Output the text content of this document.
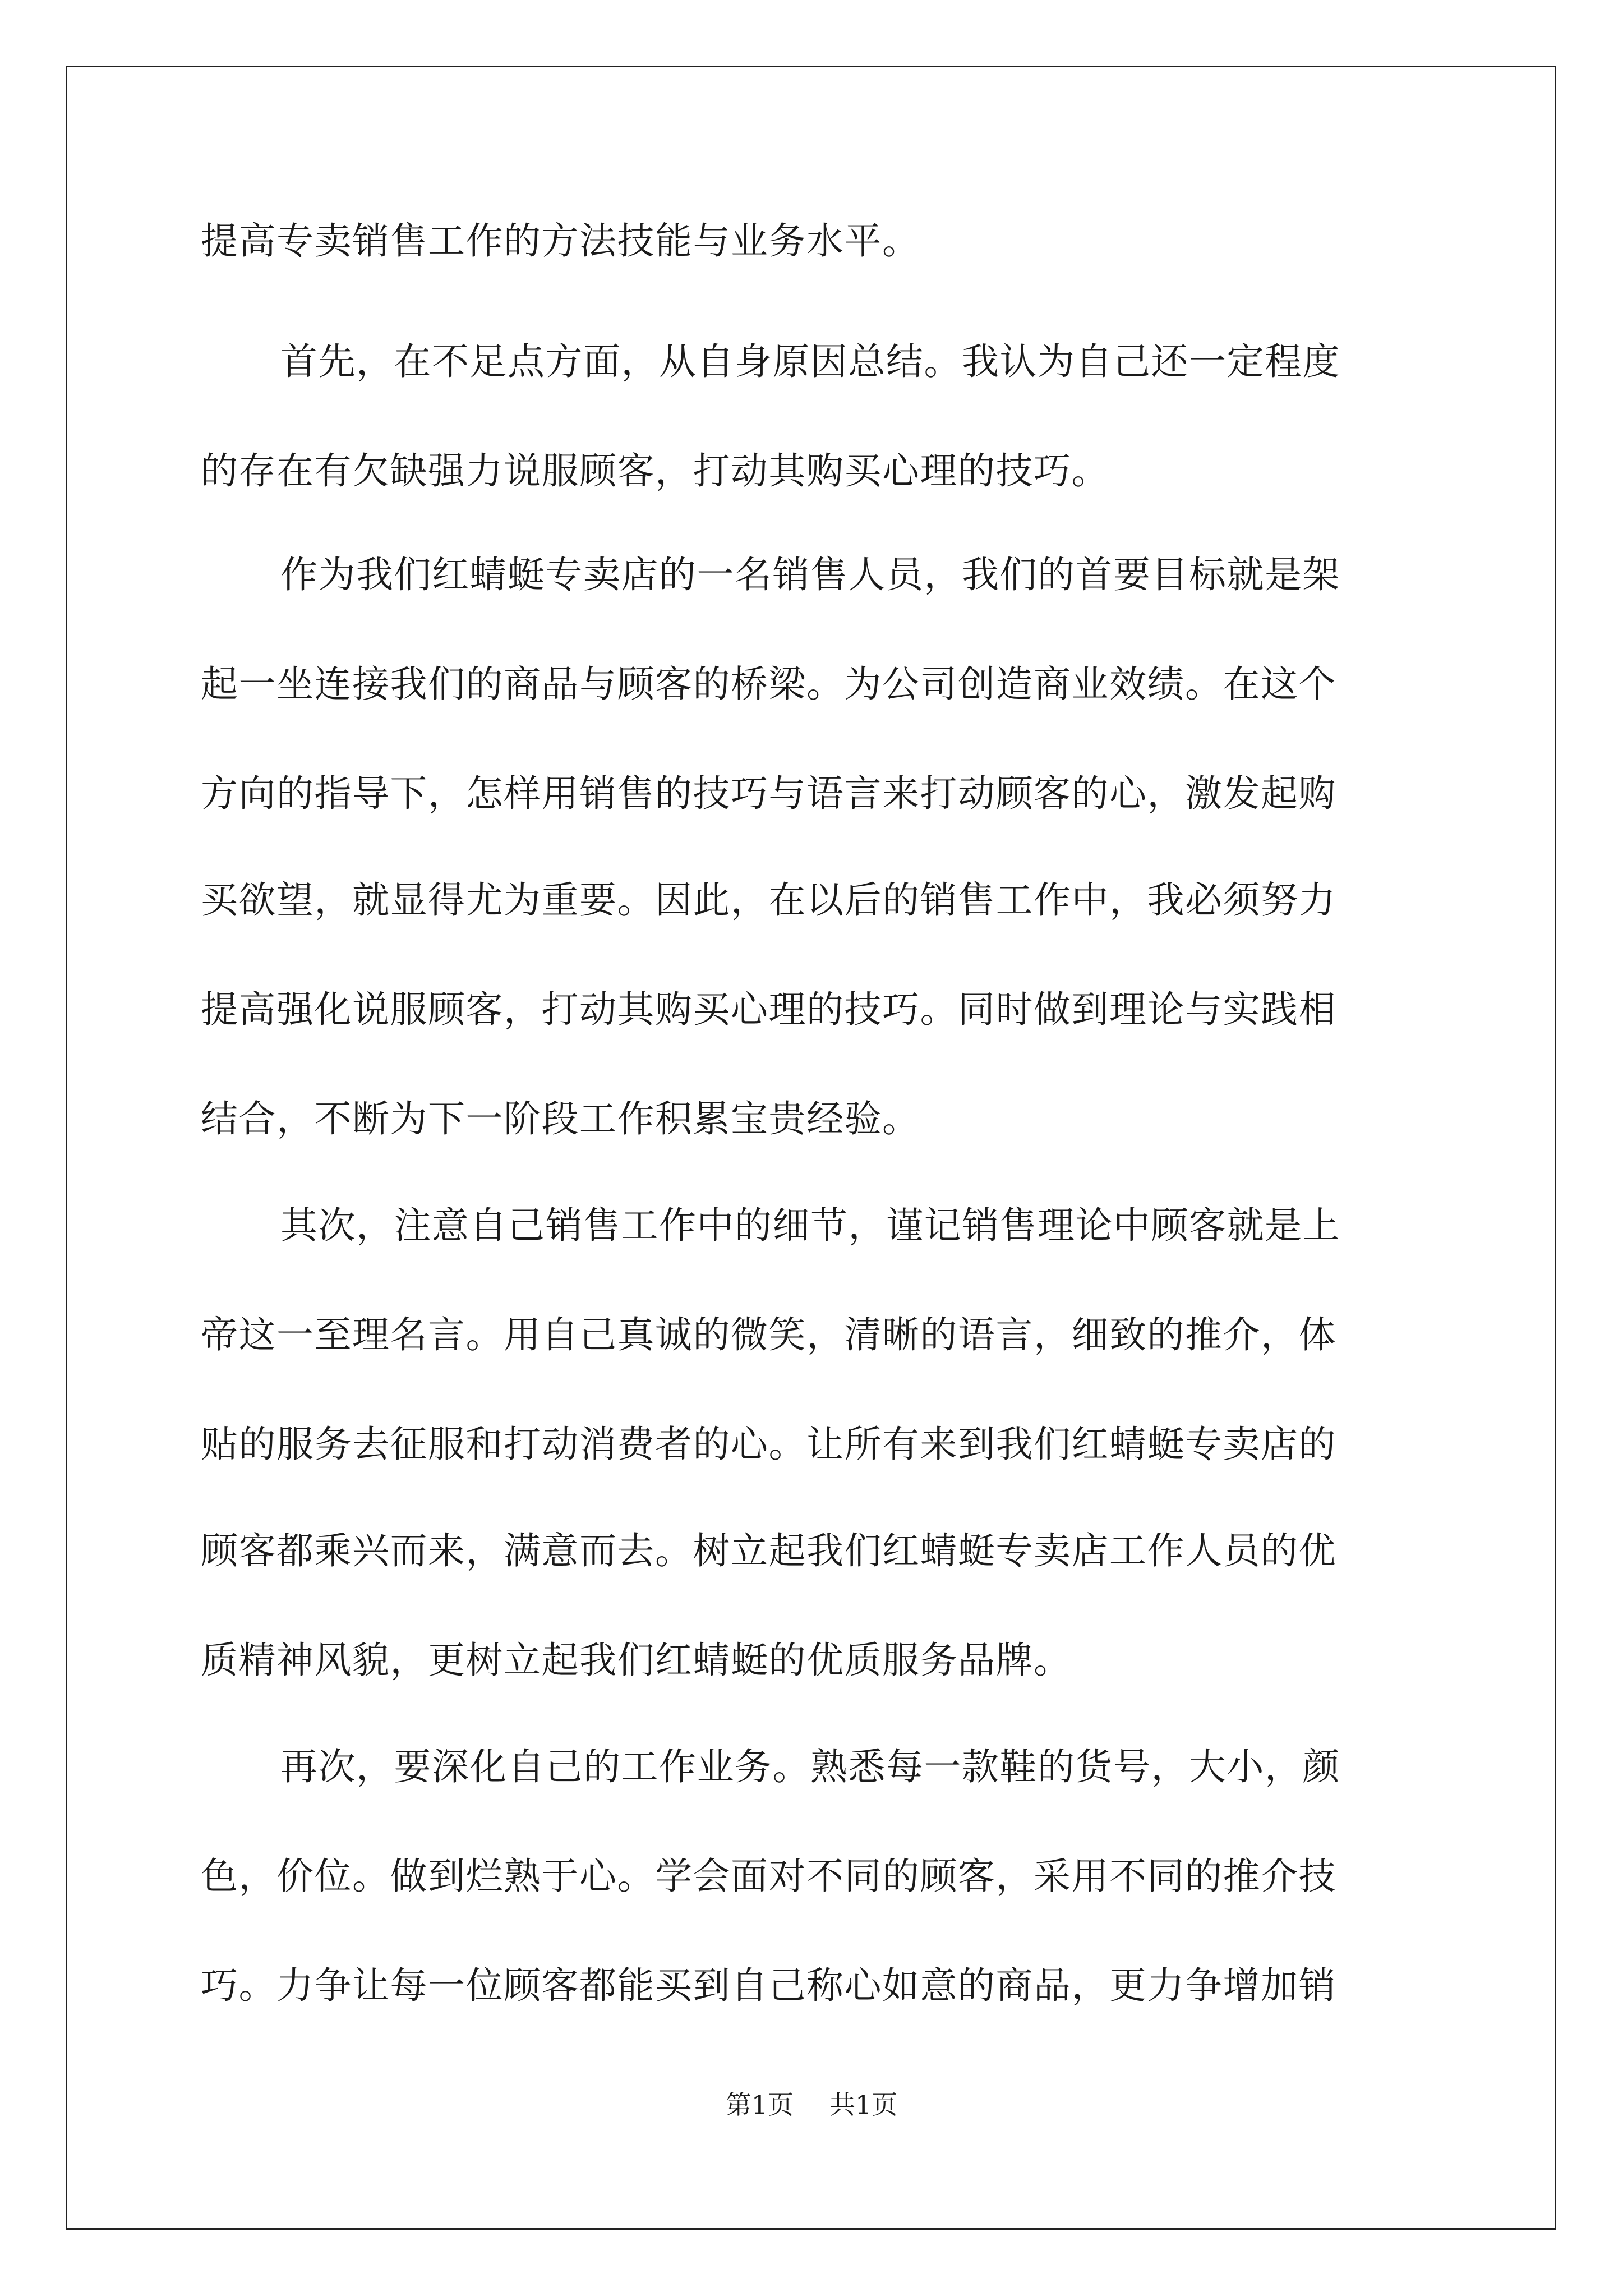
提高专卖销售工作的方法技能与业务水平。
首先，在不足点方面，从自身原因总结。我认为自己还一定程度
的存在有欠缺强力说服顾客，打动其购买心理的技巧。
作为我们红蜻蜓专卖店的一名销售人员，我们的首要目标就是架
起一坐连接我们的商品与顾客的桥梁。为公司创造商业效绩。在这个
方向的指导下，怎样用销售的技巧与语言来打动顾客的心，激发起购
买欲望，就显得尤为重要。因此，在以后的销售工作中，我必须努力
提高强化说服顾客，打动其购买心理的技巧。同时做到理论与实践相
结合，不断为下一阶段工作积累宝贵经验。
其次，注意自己销售工作中的细节，谨记销售理论中顾客就是上
帝这一至理名言。用自己真诚的微笑，清晰的语言，细致的推介，体
贴的服务去征服和打动消费者的心。让所有来到我们红蜻蜓专卖店的
顾客都乘兴而来，满意而去。树立起我们红蜻蜓专卖店工作人员的优
质精神风貌，更树立起我们红蜻蜓的优质服务品牌。
再次，要深化自己的工作业务。熟悉每一款鞋的货号，大小，颜
色，价位。做到烂熟于心。学会面对不同的顾客，采用不同的推介技
巧。力争让每一位顾客都能买到自己称心如意的商品，更力争增加销
第1页 共1页
